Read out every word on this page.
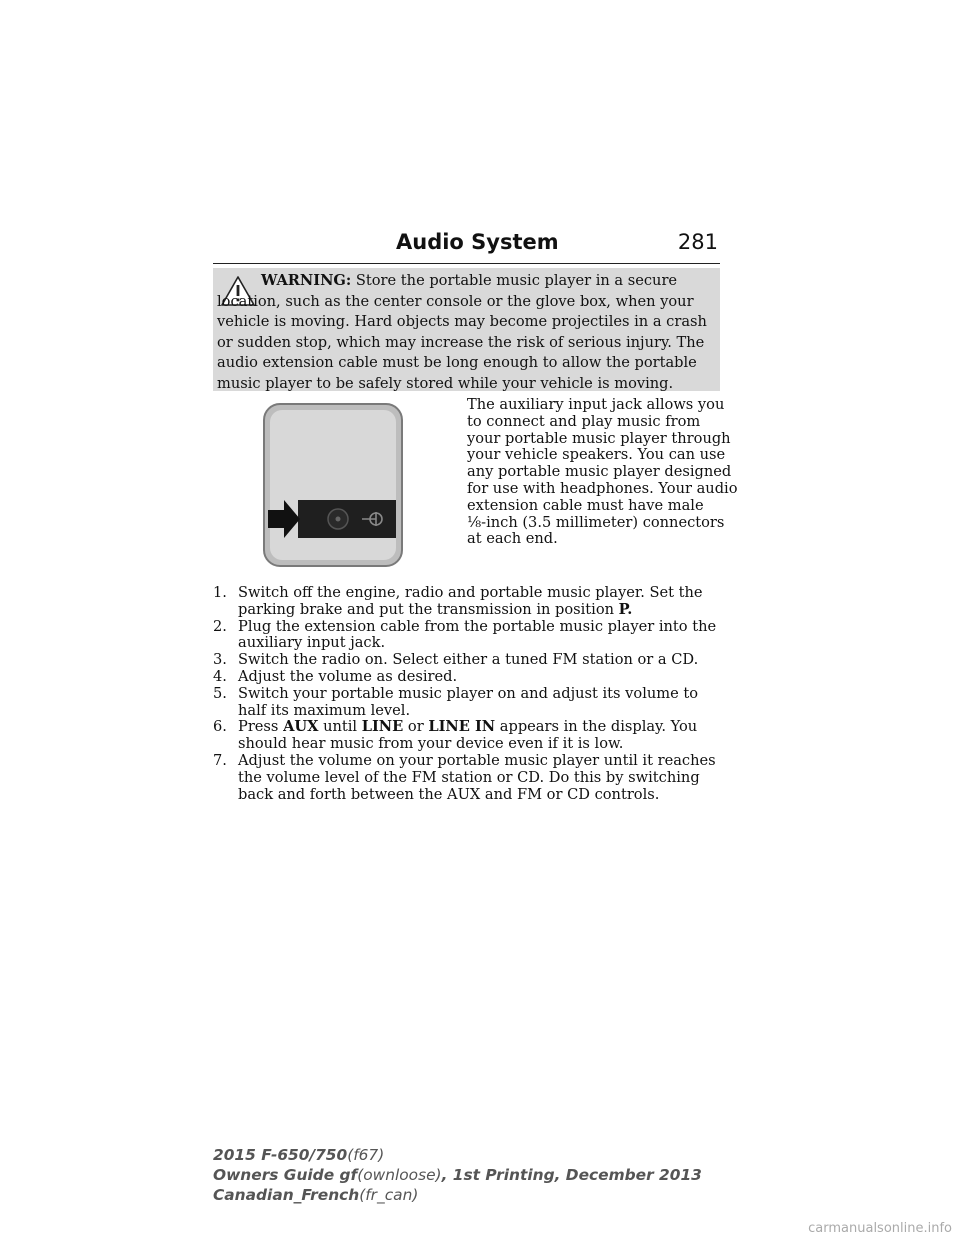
Audio System	281
WARNING: Store the portable music player in a secure location, such as the center console or the glove box, when your vehicle is moving. Hard objects may become projectiles in a crash or sudden stop, which may increase the risk of serious injury. The audio extension cable must be long enough to allow the portable music player to be safely stored while your vehicle is moving.
The auxiliary input jack allows you
to connect and play music from
your portable music player through
your vehicle speakers. You can use
any portable music player designed
for use with headphones. Your audio
extension cable must have male
⅛-inch (3.5 millimeter) connectors
at each end.
1. Switch off the engine, radio and portable music player. Set the parking brake and put the transmission in position P.
2. Plug the extension cable from the portable music player into the auxiliary input jack.
3. Switch the radio on. Select either a tuned FM station or a CD.
4. Adjust the volume as desired.
5. Switch your portable music player on and adjust its volume to half its maximum level.
6. Press AUX until LINE or LINE IN appears in the display. You should hear music from your device even if it is low.
7. Adjust the volume on your portable music player until it reaches the volume level of the FM station or CD. Do this by switching back and forth between the AUX and FM or CD controls.
2015 F-650/750(f67)
Owners Guide gf(ownloose), 1st Printing, December 2013
Canadian_French(fr_can)
carmanualsonline.info
